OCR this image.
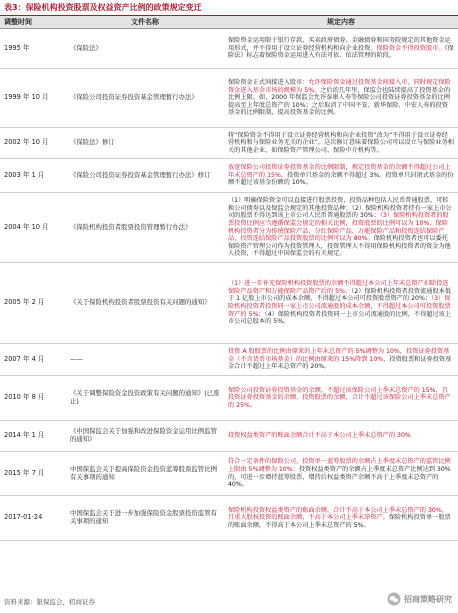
表3：保险机构投资股票及权益资产比例的政策规定变迁
调整时间	文件名称	规定内容
1995 年	《保险法》	保险资金运用限于银行存款、买卖政府债券、金融债券和国务院规定的其他资金运用形式，并不得用于设立证券经营机构和向企业投资。保险资金不得投资股市。《保险法》标志着保险资金运用进入有法可依、依法管理的阶段。

1999 年 10 月	《保险公司投资证券投资基金管理暂行办法》	保险资金正式间接进入股市：允许保险资金通过投资基金间接入市，同时规定保险资金进入基金市场的规模为 5%，之后的几年里，保监会也陆续提高了投资基金的比例上限。如，2000 年保监会允许泰康人寿等保险公司投资证券投资基金的比例提高至上年度总资产的 10%；之后取消了中国平安、新华保险、中宏人寿的投资基金的比例限制，提高投资基金的比例。

2002 年 10 月	《保险法》修订	将“保险资金不得用于设立证券经营机构和向企业投资”改为“不得用于设立证券经营机构和与保险业务无关的企业”，这次修订意味着保险公司可以设立与保险业务相关的其他企业，如保险资产管理公司、保险中介机构等。

2003 年 1 月	《保险公司投资证券投资基金管理暂行办法》修订	放宽保险公司投资证券投资基金的比例限制，规定投资基金的余额不得超过公司上年末总资产的 15%，投资单只基金的余额不得超过 3%。投资单只封闭式基金的份额不超过该基金份额的 10%。

2004 年 10 月	《保险机构投资者股票投资管理暂行办法》	（1）明确保险资金可以直接进行股票投资，投资品种包括人民币普通股票、可转换公司债券以及保监会规定的其他投资品种；（2）保险机构投资者持有一家上市公司的股票不得达到该上市公司人民币普通股票的 30%；（3）保险机构投资者的股票投资比例应当遵循保监会规定的相关比例，投资股票的比例可以为 10%，保险机构投资者分为传统保险产品、分红保险产品、万能保险产品和投资连结保险产品，投资连结保险产品投资股票的比例可以为 80%。保险机构投资者也可以委托保险资产管理公司作为投资管理人，投资管理人不得用保险机构投资者的资金为他人投资，不得超过中国保监会的有关规定。

2005 年 2 月	《关于保险机构投资者股票投资有关问题的通知》	（1）进一步补充保险机构投资股票的余额不得超过本公司上年末总资产扣除投连保险产品资产和万能保险产品资产后的 5%；（2）保险机构投资者投资流通股本低于 1 亿股上市公司的成本余额，不得超过本公司可投资股票资产的 20%；（3）保险机构投资者投资同一家上市公司流通股的成本余额，不得超过本公司可投资股票资产的 5%；（4）保险机构投资者投资同一上市公司流通股的比例，不得超过该上市公司总股本的 5%。

2007 年 4 月	——	投资 A 股股票的比例由原来的上年末总资产的 5%调整为 10%，投资证券投资基金（不含货币市场基金）的比例由原来的 15%降到 10%，投资股票和证券投资基金合计不超过上年末总资产的 20%。

2010 年 8 月	《关于调整保险资金投资政策有关问题的通知》(已废止)	保险公司投资证券投资基金的余额，不超过该保险公司上季末总资产的 15%，且投资证券投资基金的余额、投资股票的余额，合计不超过该保险公司上季末总资产的 25%。

2014 年 1 月	《中国保监会关于加强和改进保险资金运用比例监管的通知》	投资权益类资产的账面余额合计不高于本公司上季末总资产的 30%

2015 年 7 月	中国保监会关于提高保险资金投资蓝筹股票监管比例有关事项的通知	符合一定条件的保险公司，投资单一蓝筹股票的余额占上季度末总资产的监管比例上限由 5%调整为 10%；投资权益类资产的余额占上季度末总资产比例达到 30%的，可进一步增持蓝筹股票，增持后权益类资产余额不高于上季度末总资产的 40%。

2017-01-24	中国保监会关于进一步加强保险资金股票投资监管有关事项的通知	保险机构投资权益类资产的账面余额，合计不高于本公司上季末总资产的 30%，且重大股权投资的账面余额，不高于本公司上季末净资产。保险机构投资单一股票的账面余额，不得高于本公司上季末总资产的 5%。

资料来源：银保监会，招商证券	招商策略研究
